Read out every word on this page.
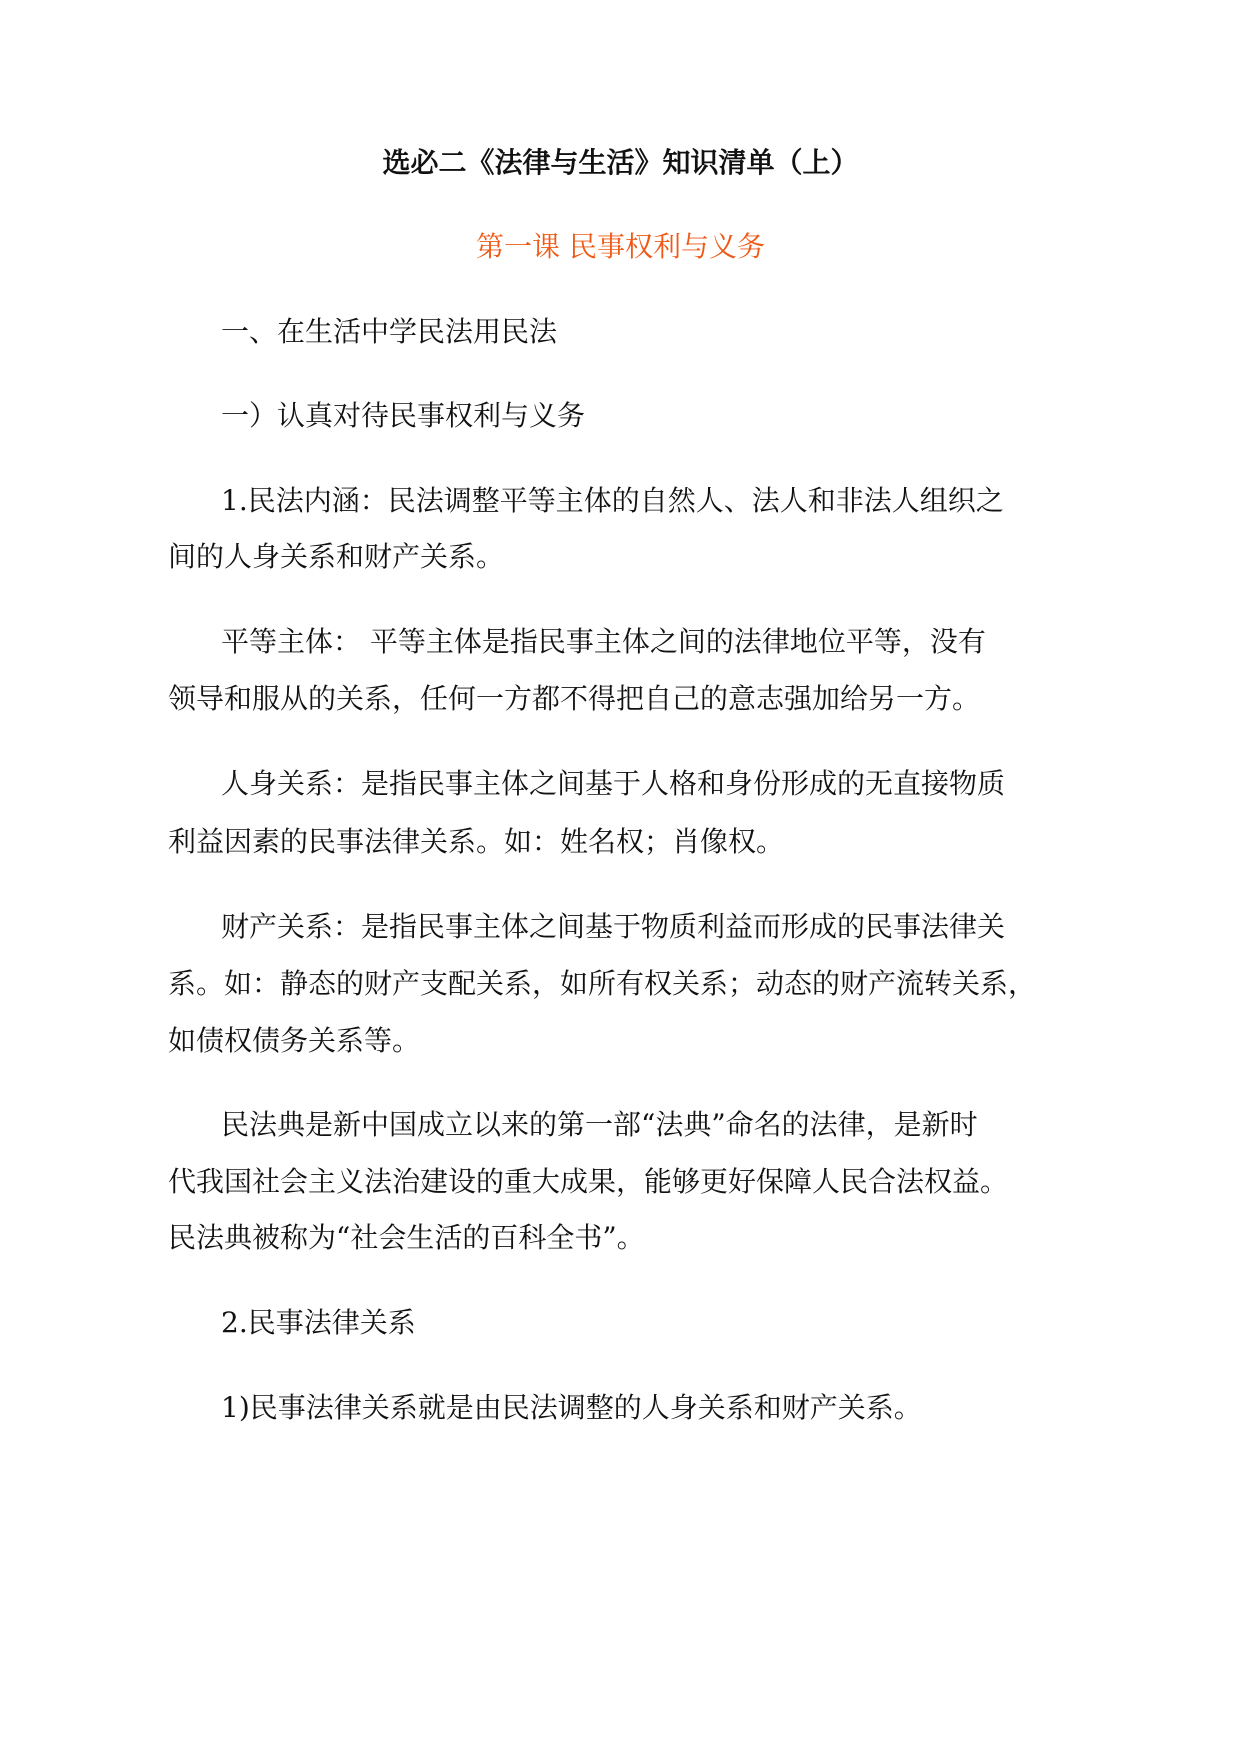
选必二《法律与生活》知识清单（上）
第一课 民事权利与义务
一、在生活中学民法用民法
一）认真对待民事权利与义务
1.民法内涵：民法调整平等主体的自然人、法人和非法人组织之
间的人身关系和财产关系。
平等主体： 平等主体是指民事主体之间的法律地位平等，没有
领导和服从的关系，任何一方都不得把自己的意志强加给另一方。
人身关系：是指民事主体之间基于人格和身份形成的无直接物质
利益因素的民事法律关系。如：姓名权；肖像权。
财产关系：是指民事主体之间基于物质利益而形成的民事法律关
系。如：静态的财产支配关系，如所有权关系；动态的财产流转关系，
如债权债务关系等。
民法典是新中国成立以来的第一部“法典”命名的法律，是新时
代我国社会主义法治建设的重大成果，能够更好保障人民合法权益。
民法典被称为“社会生活的百科全书”。
2.民事法律关系
1)民事法律关系就是由民法调整的人身关系和财产关系。
